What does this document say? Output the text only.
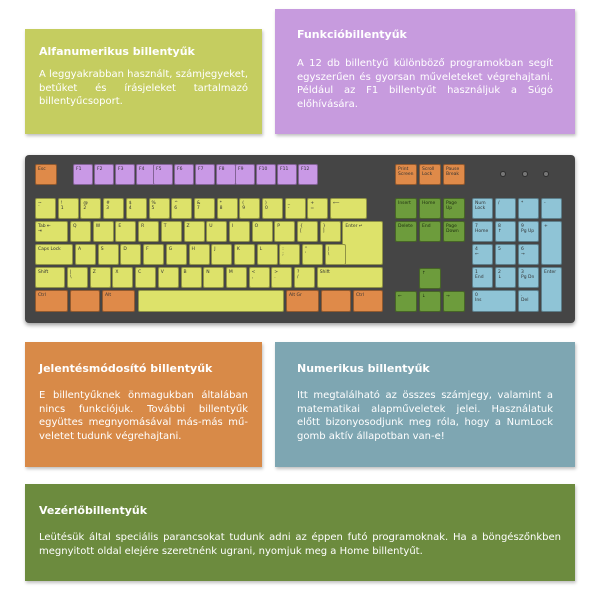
Alfanumerikus billentyűk

A leggyakrabban használt, számjegyeket, betűket és írásjeleket tartalmazó billentyűcsoport.

Funkcióbillentyűk

A 12 db billentyű különböző programokban segít egyszerűen és gyorsan műveleteket végrehajtani. Például az F1 billentyűt használjuk a Súgó előhívására.

Esc	F1	F2	F3	F4	F5	F6	F7	F8	F9	F10	F11	F12	Print
Screen
Scroll
Lock
Pause
Break
~
`
!
1
@
2
#
3
$
4
%
5
^
6
&
7
*
8
(
9
)
0
_
-
+
=
⟵
Tab ⇤
⇥
Q	W	E	R	T	Z	U	I	O	P	{
[
}
]
Enter ↵
Caps Lock	A	S	D	F	G	H	J	K	L	:
;
"
'
|
\
Shift	|
\
Z	X	C	V	B	N	M	<
,
>
.
?
/
Shift
Ctrl	Alt	Alt Gr	Ctrl
Insert
Delete
Home
End
Page
Up
Page
Down
↑
←	↓	→
Num
Lock
/	*	-
7
Home
8
↑
9
Pg Up
+
4
←
5	6
→
1
End
2
↓
3
Pg Dn
Enter
0
Ins
.
Del
Jelentésmódosító billentyűk

E billentyűknek önmagukban általában nincs funkciójuk. További billentyűk együttes megnyomásával más-más műveletet tudunk végrehajtani.

Numerikus billentyűk

Itt megtalálható az összes számjegy, valamint a matematikai alapműveletek jelei. Használatuk előtt bizonyosodjunk meg róla, hogy a NumLock gomb aktív állapotban van-e!

Vezérlőbillentyűk

Leütésük által speciális parancsokat tudunk adni az éppen futó programoknak. Ha a böngészőnkben megnyitott oldal elejére szeretnénk ugrani, nyomjuk meg a Home billentyűt.
